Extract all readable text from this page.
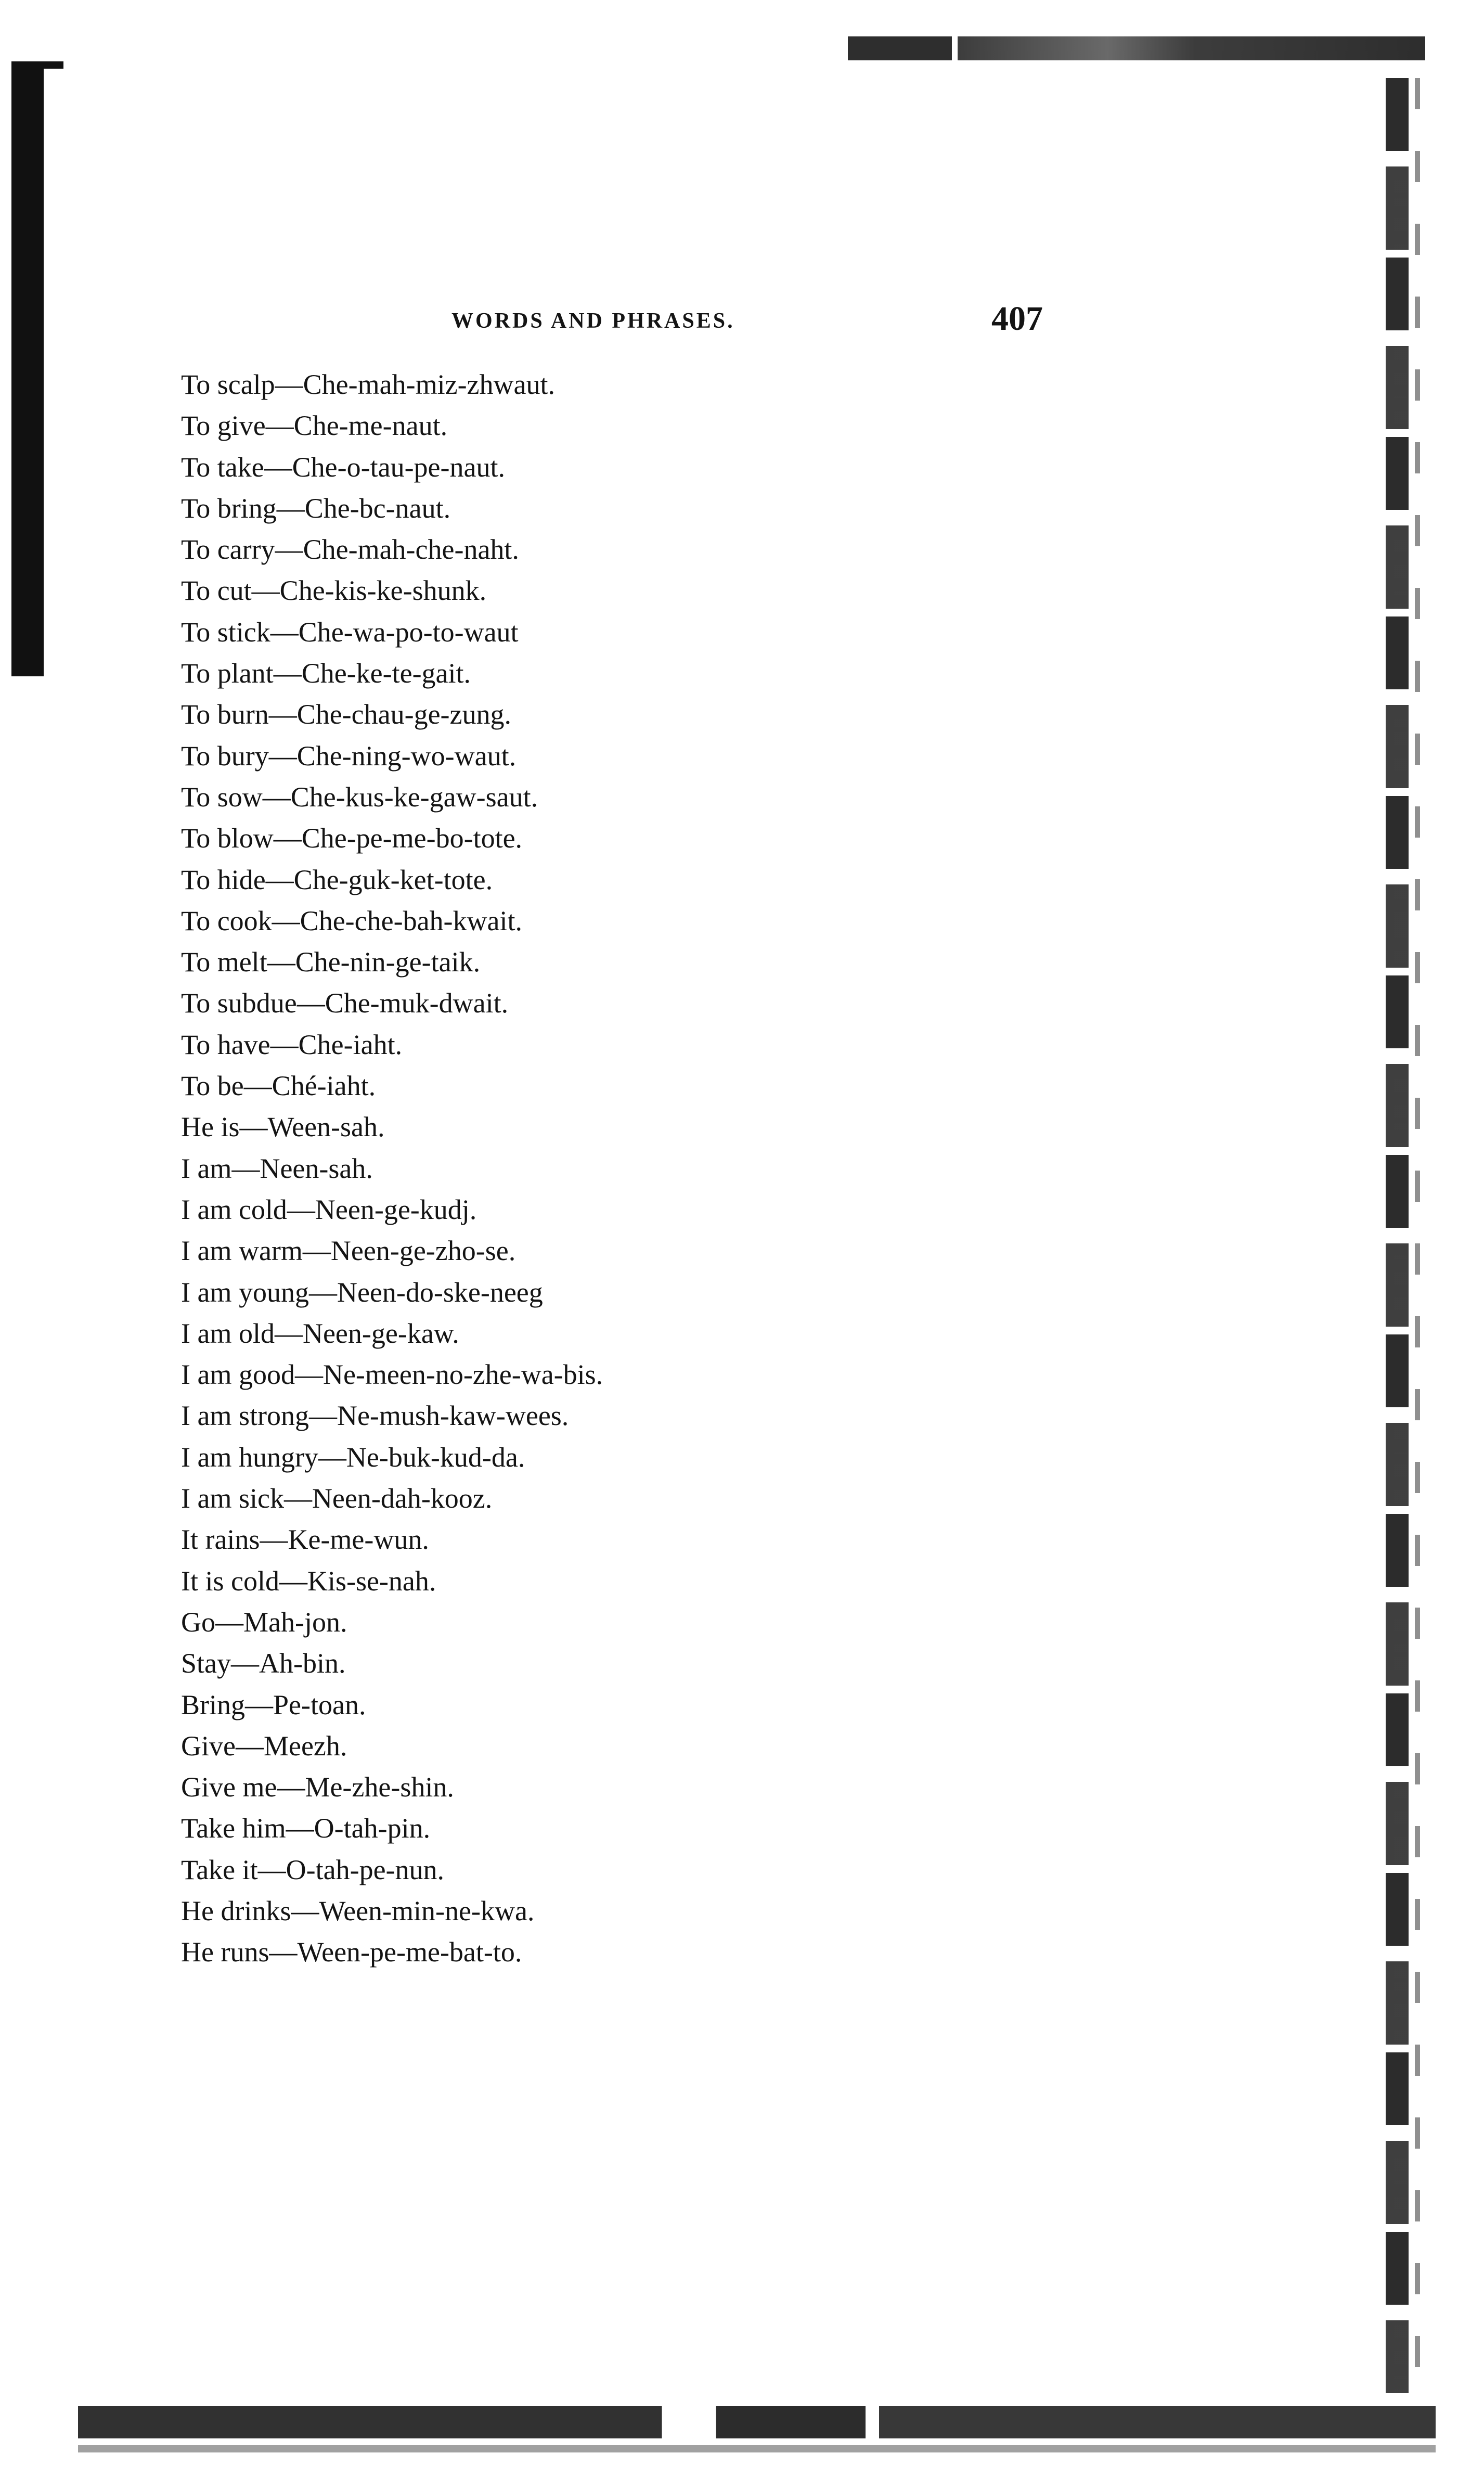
WORDS AND PHRASES.	407
To scalp—Che-mah-miz-zhwaut.
To give—Che-me-naut.
To take—Che-o-tau-pe-naut.
To bring—Che-bc-naut.
To carry—Che-mah-che-naht.
To cut—Che-kis-ke-shunk.
To stick—Che-wa-po-to-waut
To plant—Che-ke-te-gait.
To burn—Che-chau-ge-zung.
To bury—Che-ning-wo-waut.
To sow—Che-kus-ke-gaw-saut.
To blow—Che-pe-me-bo-tote.
To hide—Che-guk-ket-tote.
To cook—Che-che-bah-kwait.
To melt—Che-nin-ge-taik.
To subdue—Che-muk-dwait.
To have—Che-iaht.
To be—Ché-iaht.
He is—Ween-sah.
I am—Neen-sah.
I am cold—Neen-ge-kudj.
I am warm—Neen-ge-zho-se.
I am young—Neen-do-ske-neeg
I am old—Neen-ge-kaw.
I am good—Ne-meen-no-zhe-wa-bis.
I am strong—Ne-mush-kaw-wees.
I am hungry—Ne-buk-kud-da.
I am sick—Neen-dah-kooz.
It rains—Ke-me-wun.
It is cold—Kis-se-nah.
Go—Mah-jon.
Stay—Ah-bin.
Bring—Pe-toan.
Give—Meezh.
Give me—Me-zhe-shin.
Take him—O-tah-pin.
Take it—O-tah-pe-nun.
He drinks—Ween-min-ne-kwa.
He runs—Ween-pe-me-bat-to.
